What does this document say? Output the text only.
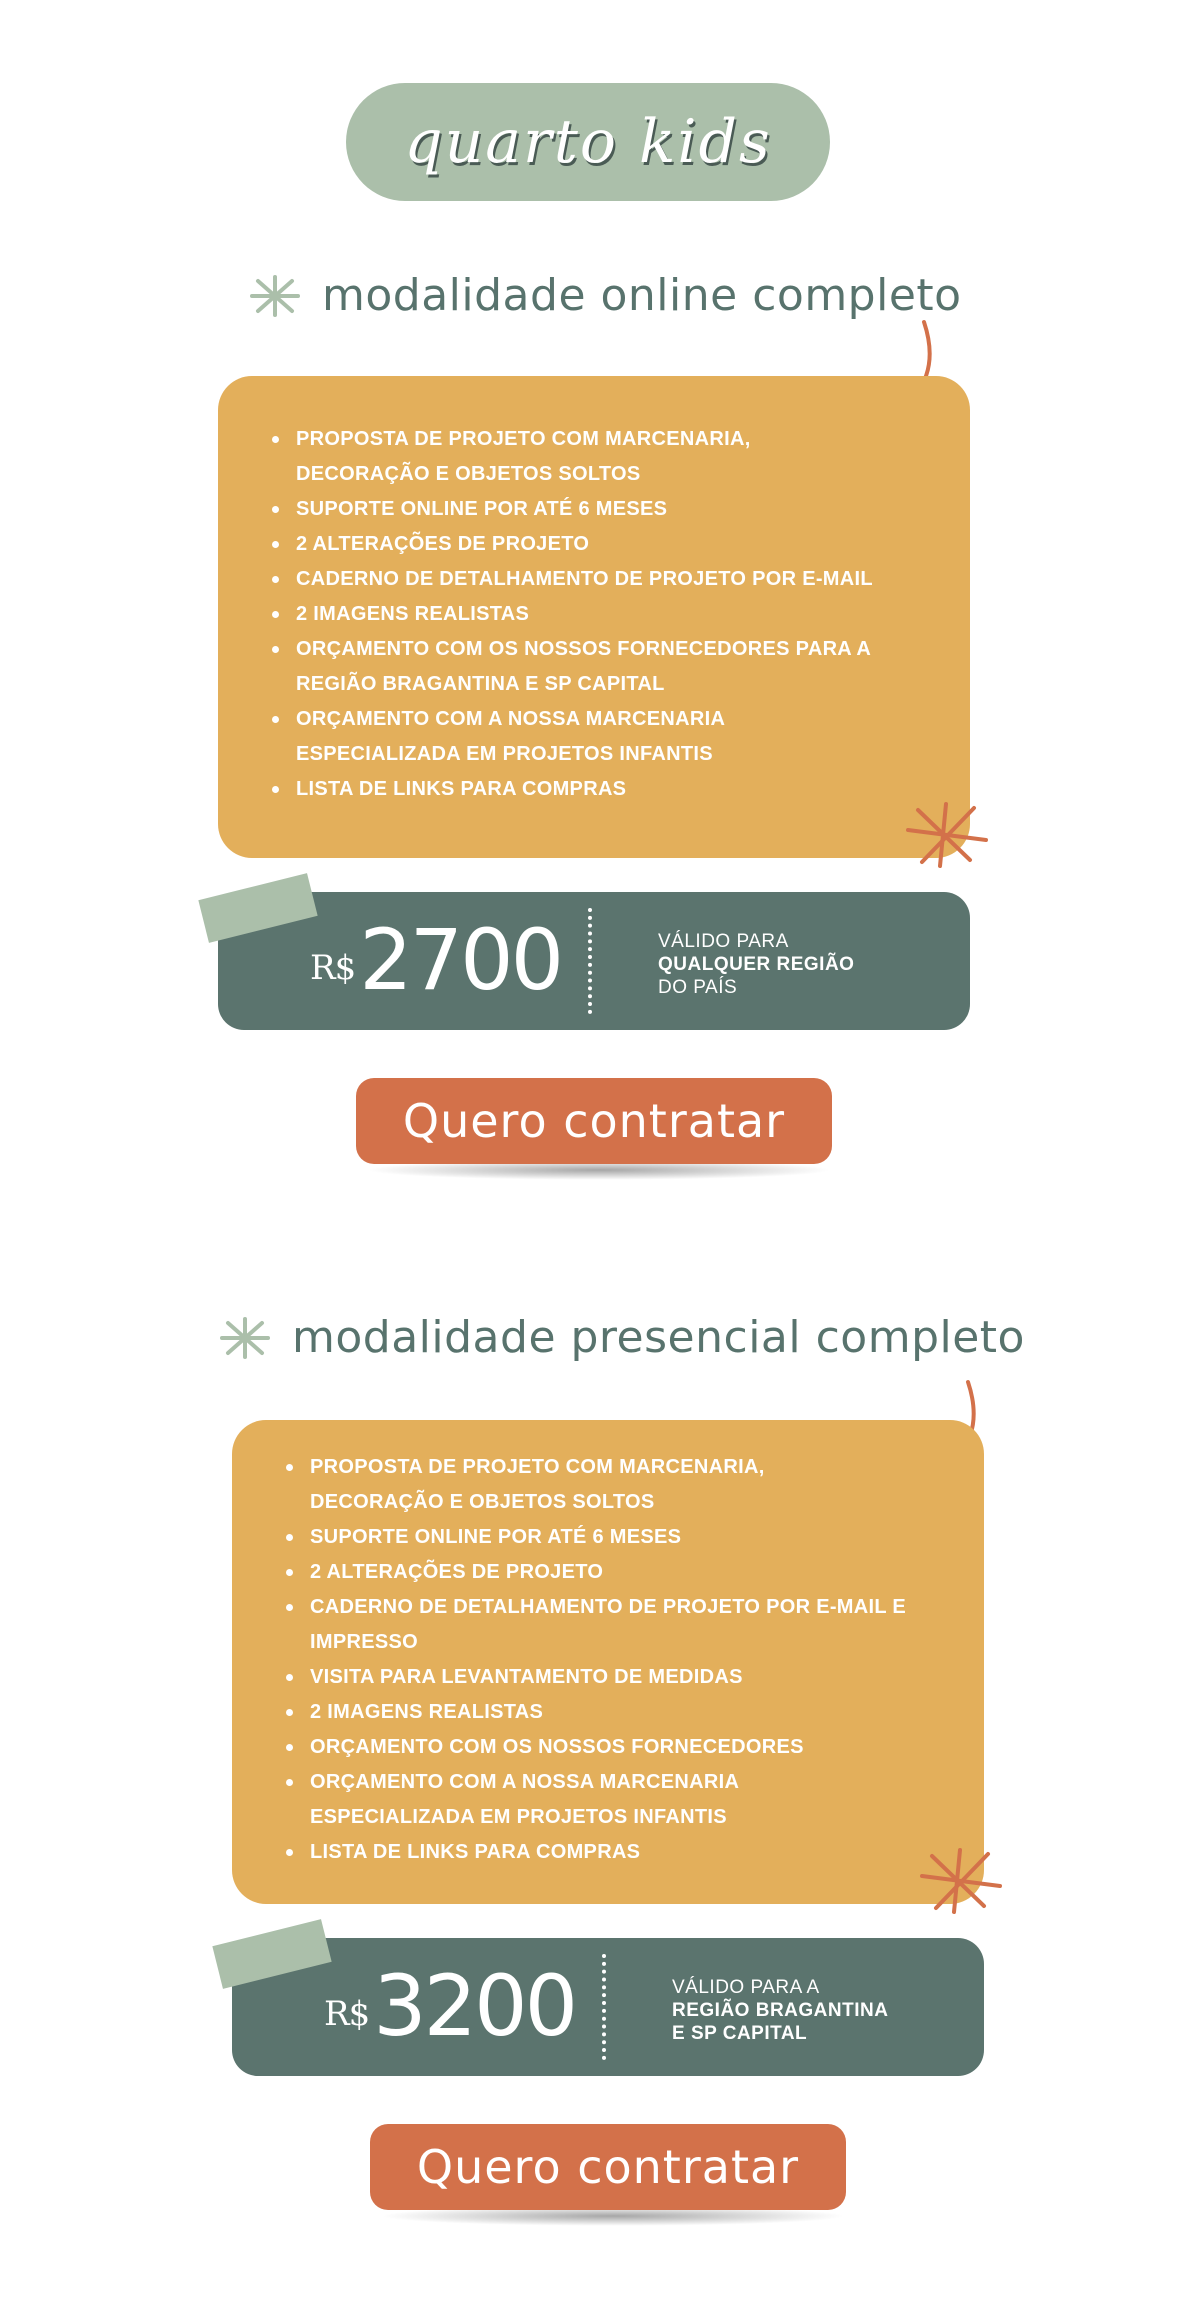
quarto kids
modalidade online completo
PROPOSTA DE PROJETO COM MARCENARIA, DECORAÇÃO E OBJETOS SOLTOS
SUPORTE ONLINE POR ATÉ 6 MESES
2 ALTERAÇÕES DE PROJETO
CADERNO DE DETALHAMENTO DE PROJETO POR E-MAIL
2 IMAGENS REALISTAS
ORÇAMENTO COM OS NOSSOS FORNECEDORES PARA A REGIÃO BRAGANTINA E SP CAPITAL
ORÇAMENTO COM A NOSSA MARCENARIA ESPECIALIZADA EM PROJETOS INFANTIS
LISTA DE LINKS PARA COMPRAS
R$ 2700	VÁLIDO PARA
QUALQUER REGIÃO
DO PAÍS
Quero contratar
modalidade presencial completo
PROPOSTA DE PROJETO COM MARCENARIA, DECORAÇÃO E OBJETOS SOLTOS
SUPORTE ONLINE POR ATÉ 6 MESES
2 ALTERAÇÕES DE PROJETO
CADERNO DE DETALHAMENTO DE PROJETO POR E-MAIL E IMPRESSO
VISITA PARA LEVANTAMENTO DE MEDIDAS
2 IMAGENS REALISTAS
ORÇAMENTO COM OS NOSSOS FORNECEDORES
ORÇAMENTO COM A NOSSA MARCENARIA ESPECIALIZADA EM PROJETOS INFANTIS
LISTA DE LINKS PARA COMPRAS
R$ 3200	VÁLIDO PARA A
REGIÃO BRAGANTINA
E SP CAPITAL
Quero contratar
